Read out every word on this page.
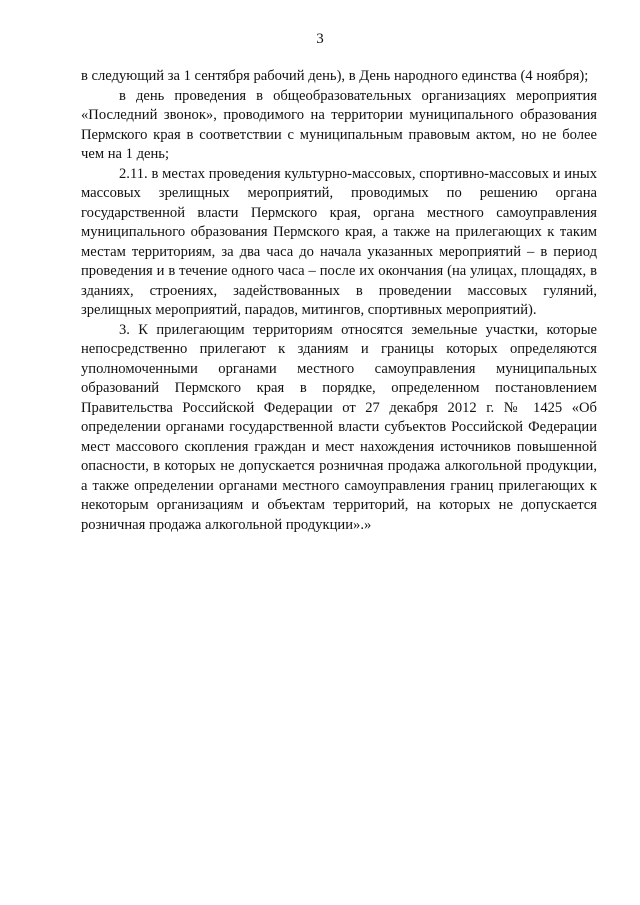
3

в следующий за 1 сентября рабочий день), в День народного единства (4 ноября);

в день проведения в общеобразовательных организациях мероприятия «Последний звонок», проводимого на территории муниципального образования Пермского края в соответствии с муниципальным правовым актом, но не более чем на 1 день;

2.11. в местах проведения культурно-массовых, спортивно-массовых и иных массовых зрелищных мероприятий, проводимых по решению органа государственной власти Пермского края, органа местного самоуправления муниципального образования Пермского края, а также на прилегающих к таким местам территориям, за два часа до начала указанных мероприятий – в период проведения и в течение одного часа – после их окончания (на улицах, площадях, в зданиях, строениях, задействованных в проведении массовых гуляний, зрелищных мероприятий, парадов, митингов, спортивных мероприятий).

3. К прилегающим территориям относятся земельные участки, которые непосредственно прилегают к зданиям и границы которых определяются уполномоченными органами местного самоуправления муниципальных образований Пермского края в порядке, определенном постановлением Правительства Российской Федерации от 27 декабря 2012 г. № 1425 «Об определении органами государственной власти субъектов Российской Федерации мест массового скопления граждан и мест нахождения источников повышенной опасности, в которых не допускается розничная продажа алкогольной продукции, а также определении органами местного самоуправления границ прилегающих к некоторым организациям и объектам территорий, на которых не допускается розничная продажа алкогольной продукции».»
